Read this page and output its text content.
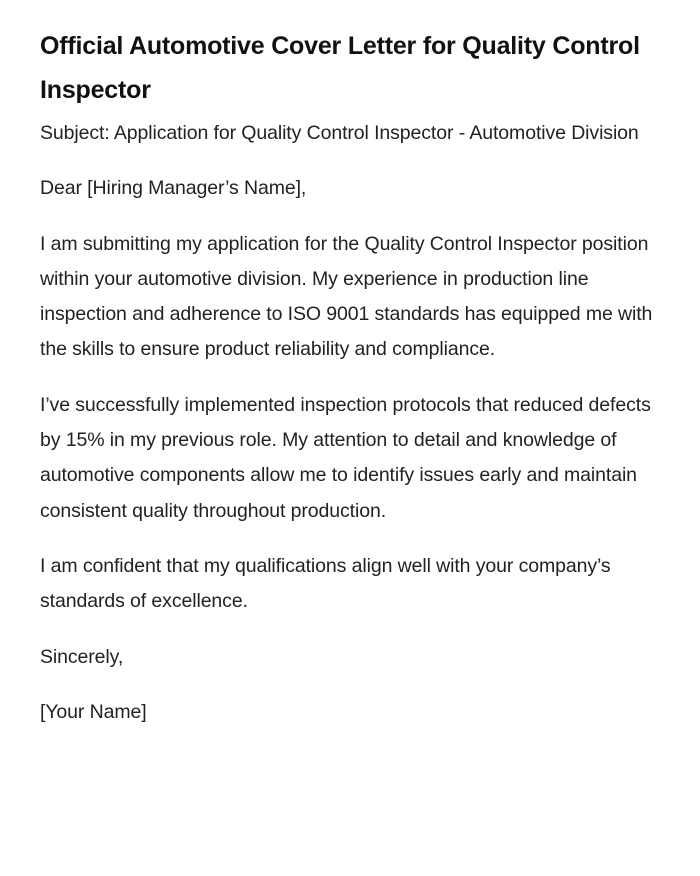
Official Automotive Cover Letter for Quality Control Inspector

Subject: Application for Quality Control Inspector - Automotive Division

Dear [Hiring Manager’s Name],

I am submitting my application for the Quality Control Inspector position within your automotive division. My experience in production line inspection and adherence to ISO 9001 standards has equipped me with the skills to ensure product reliability and compliance.

I’ve successfully implemented inspection protocols that reduced defects by 15% in my previous role. My attention to detail and knowledge of automotive components allow me to identify issues early and maintain consistent quality throughout production.

I am confident that my qualifications align well with your company’s standards of excellence.

Sincerely,

[Your Name]
